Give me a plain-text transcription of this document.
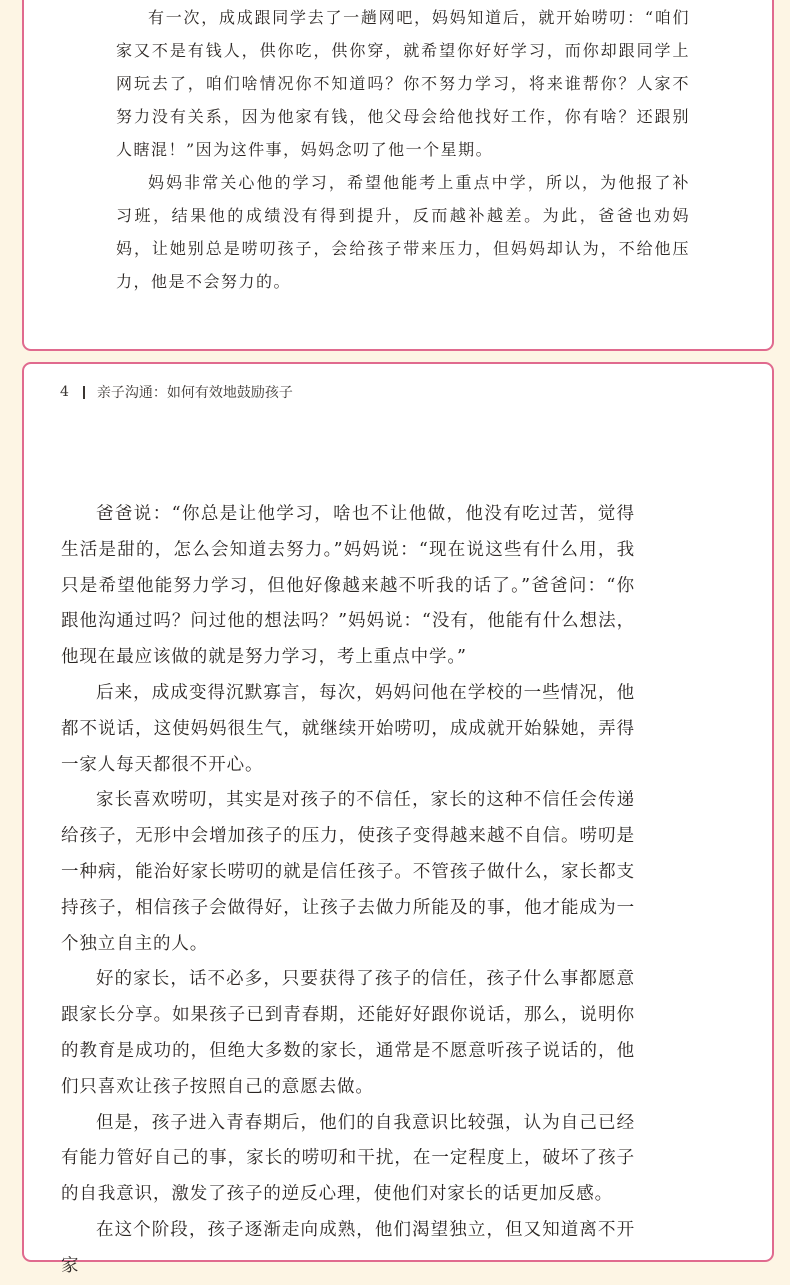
有一次，成成跟同学去了一趟网吧，妈妈知道后，就开始唠叨：“咱们家又不是有钱人，供你吃，供你穿，就希望你好好学习，而你却跟同学上网玩去了，咱们啥情况你不知道吗？你不努力学习，将来谁帮你？人家不努力没有关系，因为他家有钱，他父母会给他找好工作，你有啥？还跟别人瞎混！”因为这件事，妈妈念叨了他一个星期。

妈妈非常关心他的学习，希望他能考上重点中学，所以，为他报了补习班，结果他的成绩没有得到提升，反而越补越差。为此，爸爸也劝妈妈，让她别总是唠叨孩子，会给孩子带来压力，但妈妈却认为，不给他压力，他是不会努力的。

4 亲子沟通：如何有效地鼓励孩子

爸爸说：“你总是让他学习，啥也不让他做，他没有吃过苦，觉得生活是甜的，怎么会知道去努力。”妈妈说：“现在说这些有什么用，我只是希望他能努力学习，但他好像越来越不听我的话了。”爸爸问：“你跟他沟通过吗？问过他的想法吗？”妈妈说：“没有，他能有什么想法，他现在最应该做的就是努力学习，考上重点中学。”

后来，成成变得沉默寡言，每次，妈妈问他在学校的一些情况，他都不说话，这使妈妈很生气，就继续开始唠叨，成成就开始躲她，弄得一家人每天都很不开心。

家长喜欢唠叨，其实是对孩子的不信任，家长的这种不信任会传递给孩子，无形中会增加孩子的压力，使孩子变得越来越不自信。唠叨是一种病，能治好家长唠叨的就是信任孩子。不管孩子做什么，家长都支持孩子，相信孩子会做得好，让孩子去做力所能及的事，他才能成为一个独立自主的人。

好的家长，话不必多，只要获得了孩子的信任，孩子什么事都愿意跟家长分享。如果孩子已到青春期，还能好好跟你说话，那么，说明你的教育是成功的，但绝大多数的家长，通常是不愿意听孩子说话的，他们只喜欢让孩子按照自己的意愿去做。

但是，孩子进入青春期后，他们的自我意识比较强，认为自己已经有能力管好自己的事，家长的唠叨和干扰，在一定程度上，破坏了孩子的自我意识，激发了孩子的逆反心理，使他们对家长的话更加反感。

在这个阶段，孩子逐渐走向成熟，他们渴望独立，但又知道离不开家
